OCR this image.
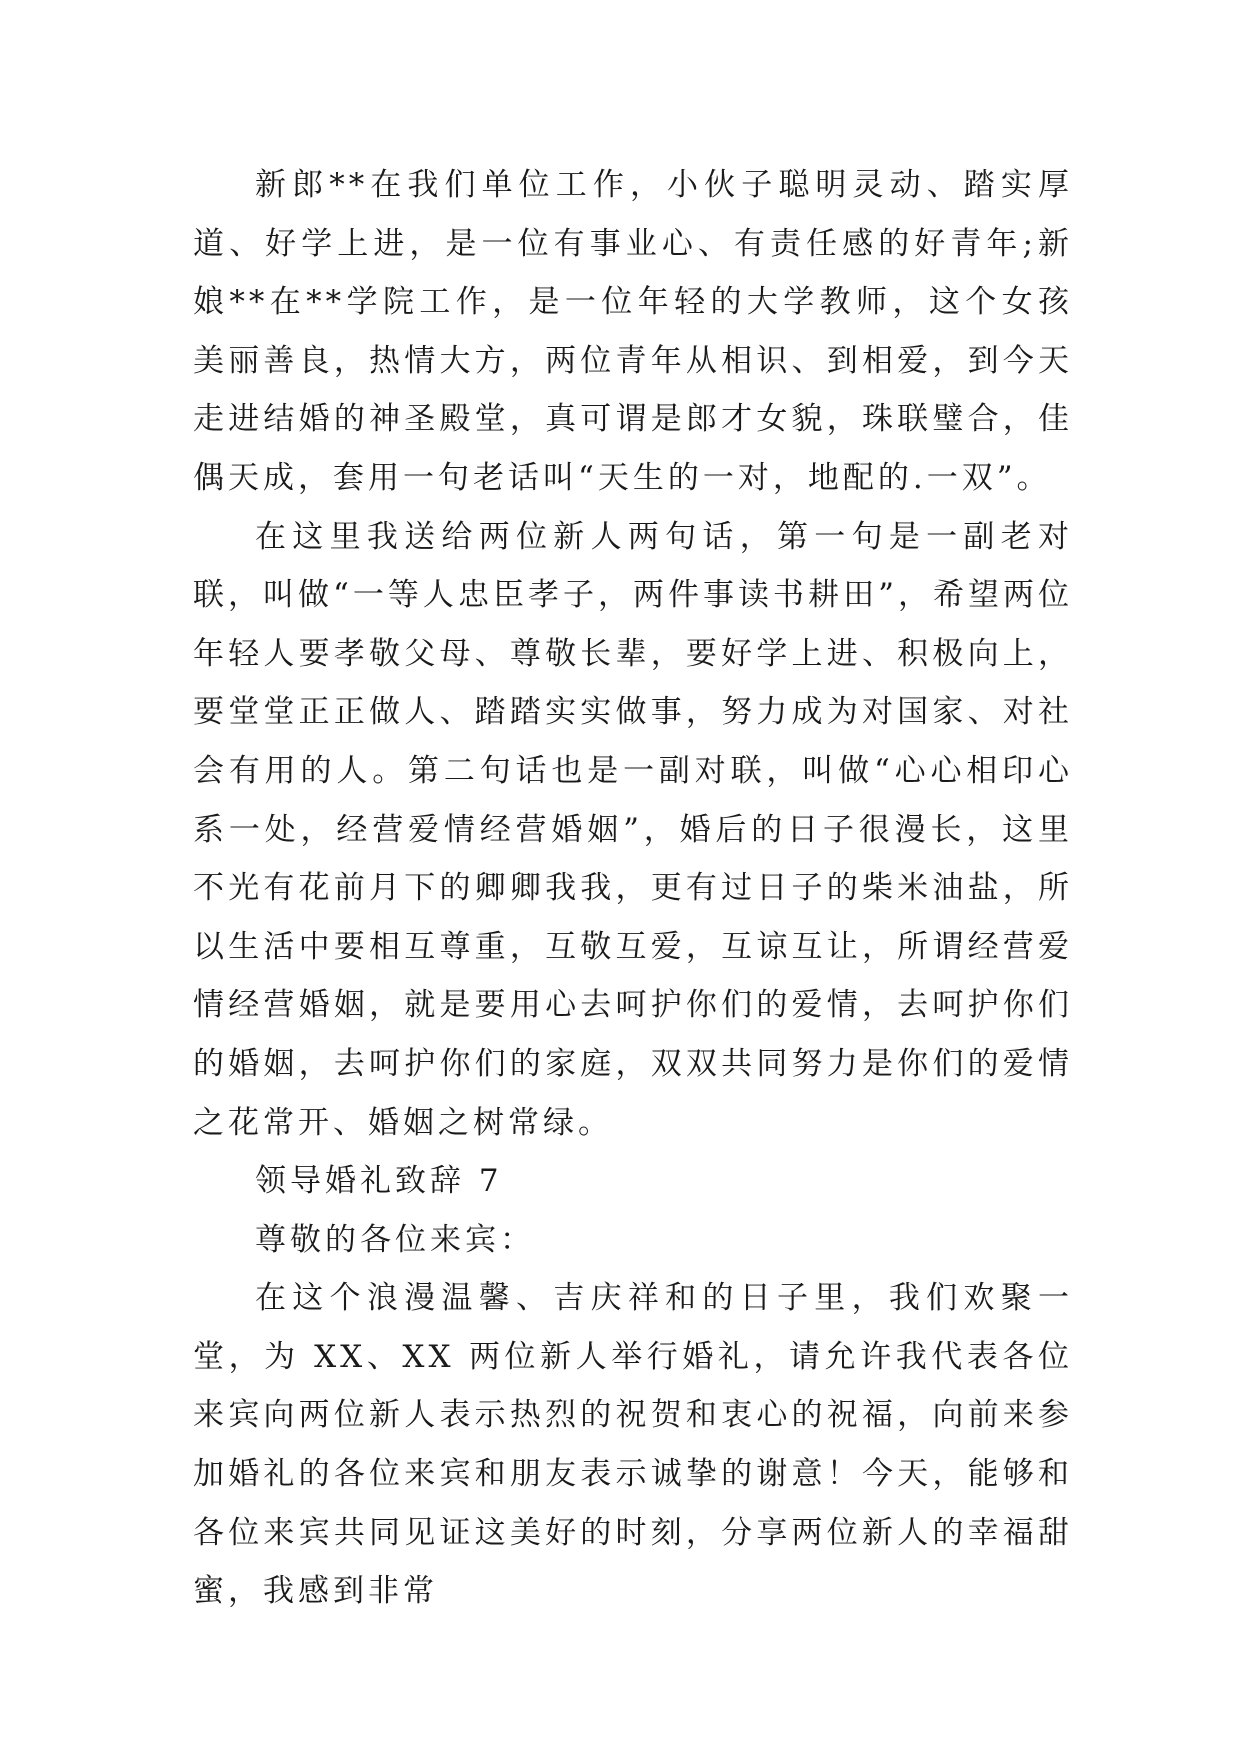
新郎**在我们单位工作，小伙子聪明灵动、踏实厚道、好学上进，是一位有事业心、有责任感的好青年;新娘**在**学院工作，是一位年轻的大学教师，这个女孩美丽善良，热情大方，两位青年从相识、到相爱，到今天走进结婚的神圣殿堂，真可谓是郎才女貌，珠联璧合，佳偶天成，套用一句老话叫“天生的一对，地配的.一双”。

在这里我送给两位新人两句话，第一句是一副老对联，叫做“一等人忠臣孝子，两件事读书耕田”，希望两位年轻人要孝敬父母、尊敬长辈，要好学上进、积极向上，要堂堂正正做人、踏踏实实做事，努力成为对国家、对社会有用的人。第二句话也是一副对联，叫做“心心相印心系一处，经营爱情经营婚姻”，婚后的日子很漫长，这里不光有花前月下的卿卿我我，更有过日子的柴米油盐，所以生活中要相互尊重，互敬互爱，互谅互让，所谓经营爱情经营婚姻，就是要用心去呵护你们的爱情，去呵护你们的婚姻，去呵护你们的家庭，双双共同努力是你们的爱情之花常开、婚姻之树常绿。

领导婚礼致辞 7

尊敬的各位来宾：

在这个浪漫温馨、吉庆祥和的日子里，我们欢聚一堂，为 XX、XX 两位新人举行婚礼，请允许我代表各位来宾向两位新人表示热烈的祝贺和衷心的祝福，向前来参加婚礼的各位来宾和朋友表示诚挚的谢意！今天，能够和各位来宾共同见证这美好的时刻，分享两位新人的幸福甜蜜，我感到非常
